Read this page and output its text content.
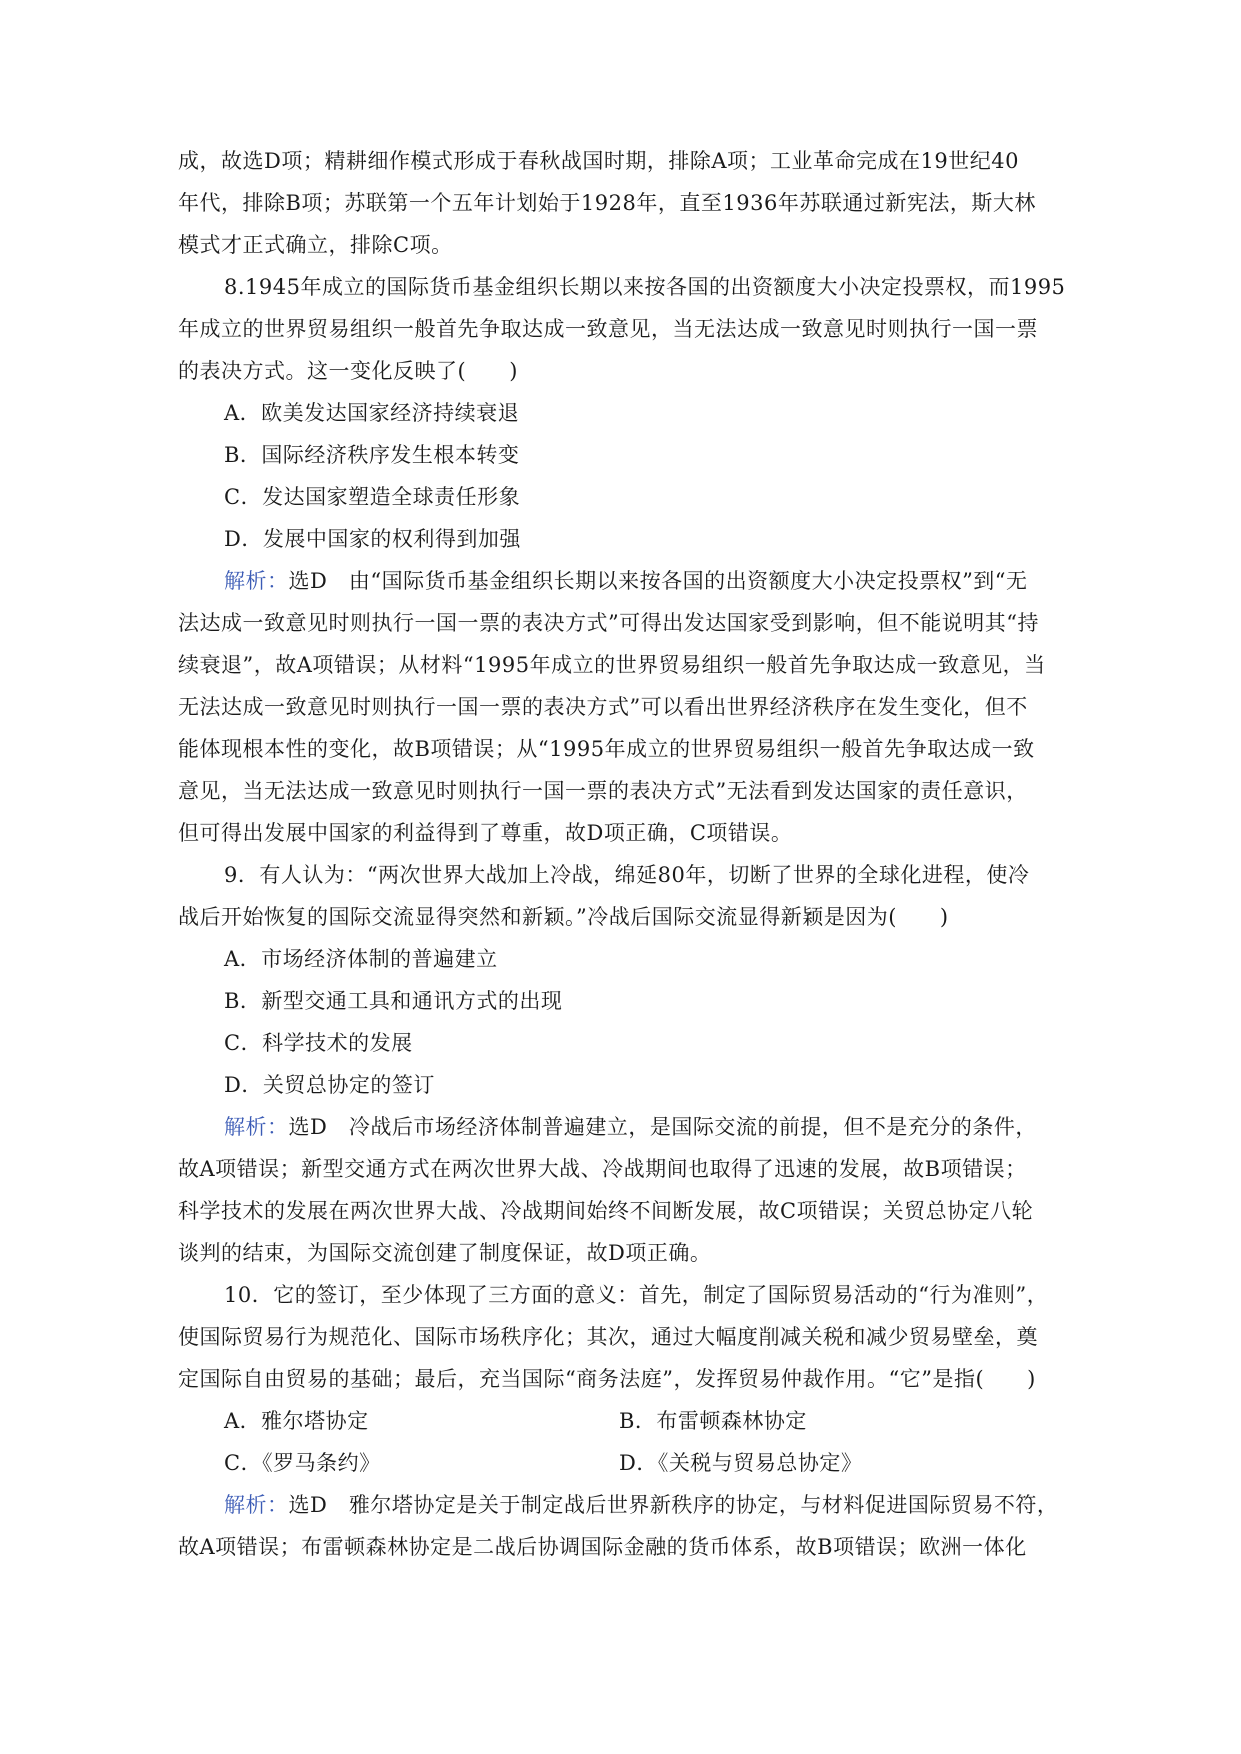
成，故选D项；精耕细作模式形成于春秋战国时期，排除A项；工业革命完成在19世纪40
年代，排除B项；苏联第一个五年计划始于1928年，直至1936年苏联通过新宪法，斯大林
模式才正式确立，排除C项。
8.1945年成立的国际货币基金组织长期以来按各国的出资额度大小决定投票权，而1995
年成立的世界贸易组织一般首先争取达成一致意见，当无法达成一致意见时则执行一国一票
的表决方式。这一变化反映了(　　)
A．欧美发达国家经济持续衰退
B．国际经济秩序发生根本转变
C．发达国家塑造全球责任形象
D．发展中国家的权利得到加强
解析：选D　由“国际货币基金组织长期以来按各国的出资额度大小决定投票权”到“无
法达成一致意见时则执行一国一票的表决方式”可得出发达国家受到影响，但不能说明其“持
续衰退”，故A项错误；从材料“1995年成立的世界贸易组织一般首先争取达成一致意见，当
无法达成一致意见时则执行一国一票的表决方式”可以看出世界经济秩序在发生变化，但不
能体现根本性的变化，故B项错误；从“1995年成立的世界贸易组织一般首先争取达成一致
意见，当无法达成一致意见时则执行一国一票的表决方式”无法看到发达国家的责任意识，
但可得出发展中国家的利益得到了尊重，故D项正确，C项错误。
9．有人认为：“两次世界大战加上冷战，绵延80年，切断了世界的全球化进程，使冷
战后开始恢复的国际交流显得突然和新颖。”冷战后国际交流显得新颖是因为(　　)
A．市场经济体制的普遍建立
B．新型交通工具和通讯方式的出现
C．科学技术的发展
D．关贸总协定的签订
解析：选D　冷战后市场经济体制普遍建立，是国际交流的前提，但不是充分的条件，
故A项错误；新型交通方式在两次世界大战、冷战期间也取得了迅速的发展，故B项错误；
科学技术的发展在两次世界大战、冷战期间始终不间断发展，故C项错误；关贸总协定八轮
谈判的结束，为国际交流创建了制度保证，故D项正确。
10．它的签订，至少体现了三方面的意义：首先，制定了国际贸易活动的“行为准则”，
使国际贸易行为规范化、国际市场秩序化；其次，通过大幅度削减关税和减少贸易壁垒，奠
定国际自由贸易的基础；最后，充当国际“商务法庭”，发挥贸易仲裁作用。“它”是指(　　)
A．雅尔塔协定	B．布雷顿森林协定
C．《罗马条约》	D．《关税与贸易总协定》
解析：选D　雅尔塔协定是关于制定战后世界新秩序的协定，与材料促进国际贸易不符，
故A项错误；布雷顿森林协定是二战后协调国际金融的货币体系，故B项错误；欧洲一体化
